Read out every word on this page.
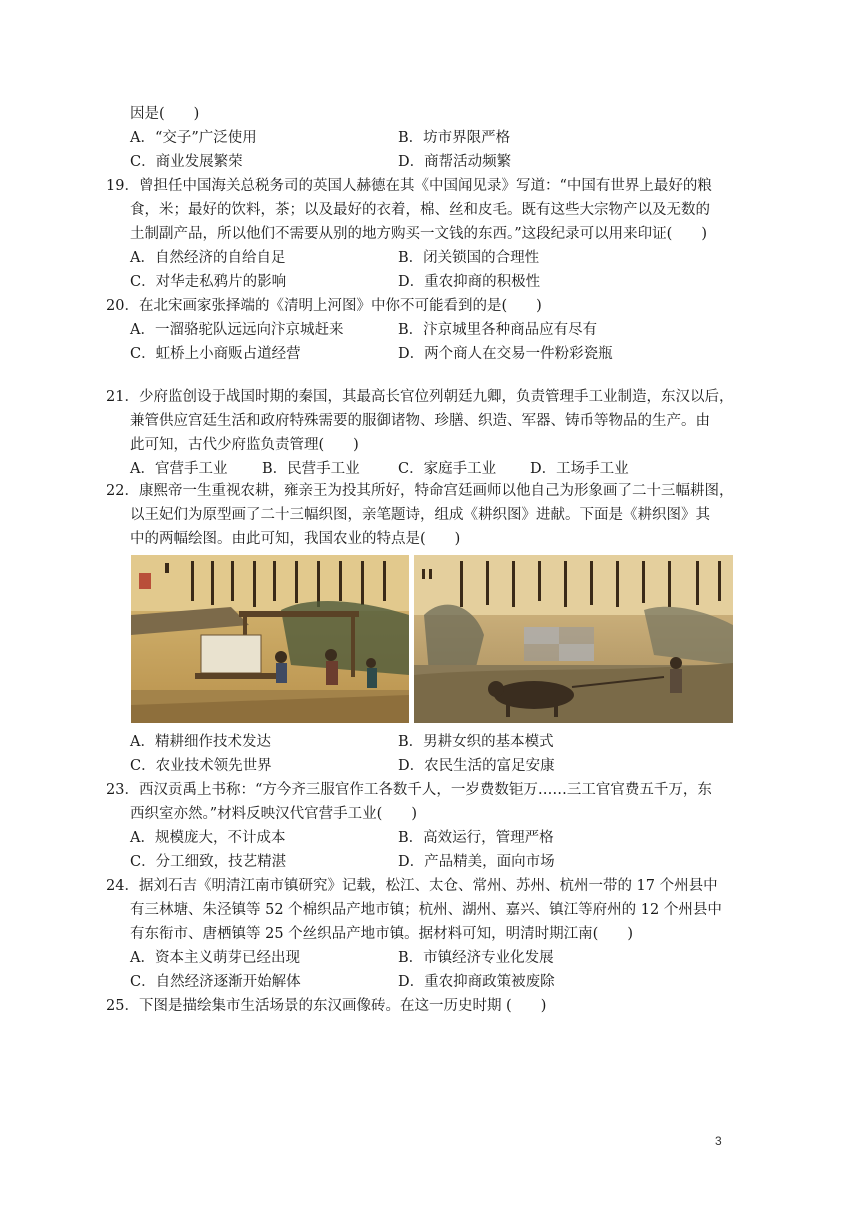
因是(　　)
A．“交子”广泛使用	B．坊市界限严格
C．商业发展繁荣	D．商帮活动频繁
19．曾担任中国海关总税务司的英国人赫德在其《中国闻见录》写道：“中国有世界上最好的粮
食，米；最好的饮料，茶；以及最好的衣着，棉、丝和皮毛。既有这些大宗物产以及无数的
土制副产品，所以他们不需要从别的地方购买一文钱的东西。”这段纪录可以用来印证(　　)
A．自然经济的自给自足	B．闭关锁国的合理性
C．对华走私鸦片的影响	D．重农抑商的积极性
20．在北宋画家张择端的《清明上河图》中你不可能看到的是(　　)
A．一溜骆驼队远远向汴京城赶来	B．汴京城里各种商品应有尽有
C．虹桥上小商贩占道经营	D．两个商人在交易一件粉彩瓷瓶
21．少府监创设于战国时期的秦国，其最高长官位列朝廷九卿，负责管理手工业制造，东汉以后，
兼管供应宫廷生活和政府特殊需要的服御诸物、珍膳、织造、军器、铸币等物品的生产。由
此可知，古代少府监负责管理(　　)
A．官营手工业 B．民营手工业	C．家庭手工业 D．工场手工业
22．康熙帝一生重视农耕，雍亲王为投其所好，特命宫廷画师以他自己为形象画了二十三幅耕图，
以王妃们为原型画了二十三幅织图，亲笔题诗，组成《耕织图》进献。下面是《耕织图》其
中的两幅绘图。由此可知，我国农业的特点是(　　)
A．精耕细作技术发达	B．男耕女织的基本模式
C．农业技术领先世界	D．农民生活的富足安康
23．西汉贡禹上书称：“方今齐三服官作工各数千人，一岁费数钜万……三工官官费五千万，东
西织室亦然。”材料反映汉代官营手工业(　　)
A．规模庞大，不计成本	B．高效运行，管理严格
C．分工细致，技艺精湛	D．产品精美，面向市场
24．据刘石吉《明清江南市镇研究》记载，松江、太仓、常州、苏州、杭州一带的 17 个州县中
有三林塘、朱泾镇等 52 个棉织品产地市镇；杭州、湖州、嘉兴、镇江等府州的 12 个州县中
有东衔市、唐栖镇等 25 个丝织品产地市镇。据材料可知，明清时期江南(　　)
A．资本主义萌芽已经出现	B．市镇经济专业化发展
C．自然经济逐渐开始解体	D．重农抑商政策被废除
25．下图是描绘集市生活场景的东汉画像砖。在这一历史时期 (　　)
3
